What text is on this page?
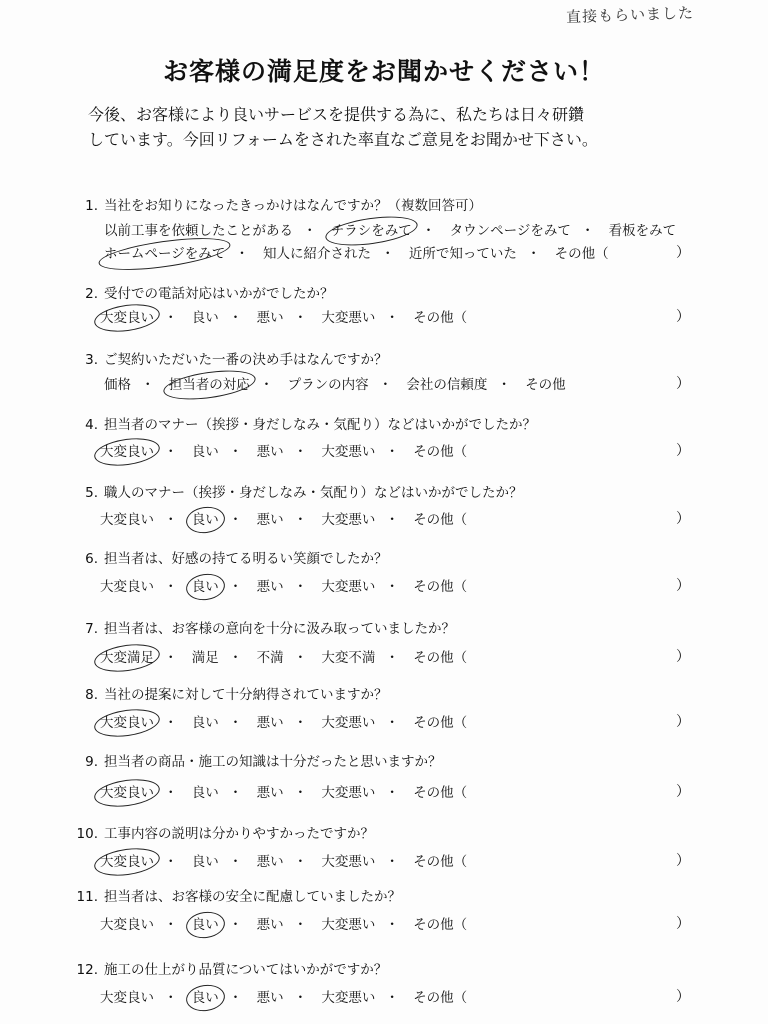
直接もらいました
お客様の満足度をお聞かせください！
今後、お客様により良いサービスを提供する為に、私たちは日々研鑽
しています。今回リフォームをされた率直なご意見をお聞かせ下さい。
1. 当社をお知りになったきっかけはなんですか？（複数回答可）
以前工事を依頼したことがある ・ チラシをみて ・ タウンページをみて ・ 看板をみて
ホームページをみて ・ 知人に紹介された ・ 近所で知っていた ・ その他（	）
2. 受付での電話対応はいかがでしたか？
大変良い ・ 良い ・ 悪い ・ 大変悪い ・ その他（	）
3. ご契約いただいた一番の決め手はなんですか？
価格 ・ 担当者の対応 ・ プランの内容 ・ 会社の信頼度 ・ その他	）
4. 担当者のマナー（挨拶・身だしなみ・気配り）などはいかがでしたか？
大変良い ・ 良い ・ 悪い ・ 大変悪い ・ その他（	）
5. 職人のマナー（挨拶・身だしなみ・気配り）などはいかがでしたか？
大変良い ・ 良い ・ 悪い ・ 大変悪い ・ その他（	）
6. 担当者は、好感の持てる明るい笑顔でしたか？
大変良い ・ 良い ・ 悪い ・ 大変悪い ・ その他（	）
7. 担当者は、お客様の意向を十分に汲み取っていましたか？
大変満足 ・ 満足 ・ 不満 ・ 大変不満 ・ その他（	）
8. 当社の提案に対して十分納得されていますか？
大変良い ・ 良い ・ 悪い ・ 大変悪い ・ その他（	）
9. 担当者の商品・施工の知識は十分だったと思いますか？
大変良い ・ 良い ・ 悪い ・ 大変悪い ・ その他（	）
10. 工事内容の説明は分かりやすかったですか？
大変良い ・ 良い ・ 悪い ・ 大変悪い ・ その他（	）
11. 担当者は、お客様の安全に配慮していましたか？
大変良い ・ 良い ・ 悪い ・ 大変悪い ・ その他（	）
12. 施工の仕上がり品質についてはいかがですか？
大変良い ・ 良い ・ 悪い ・ 大変悪い ・ その他（	）
